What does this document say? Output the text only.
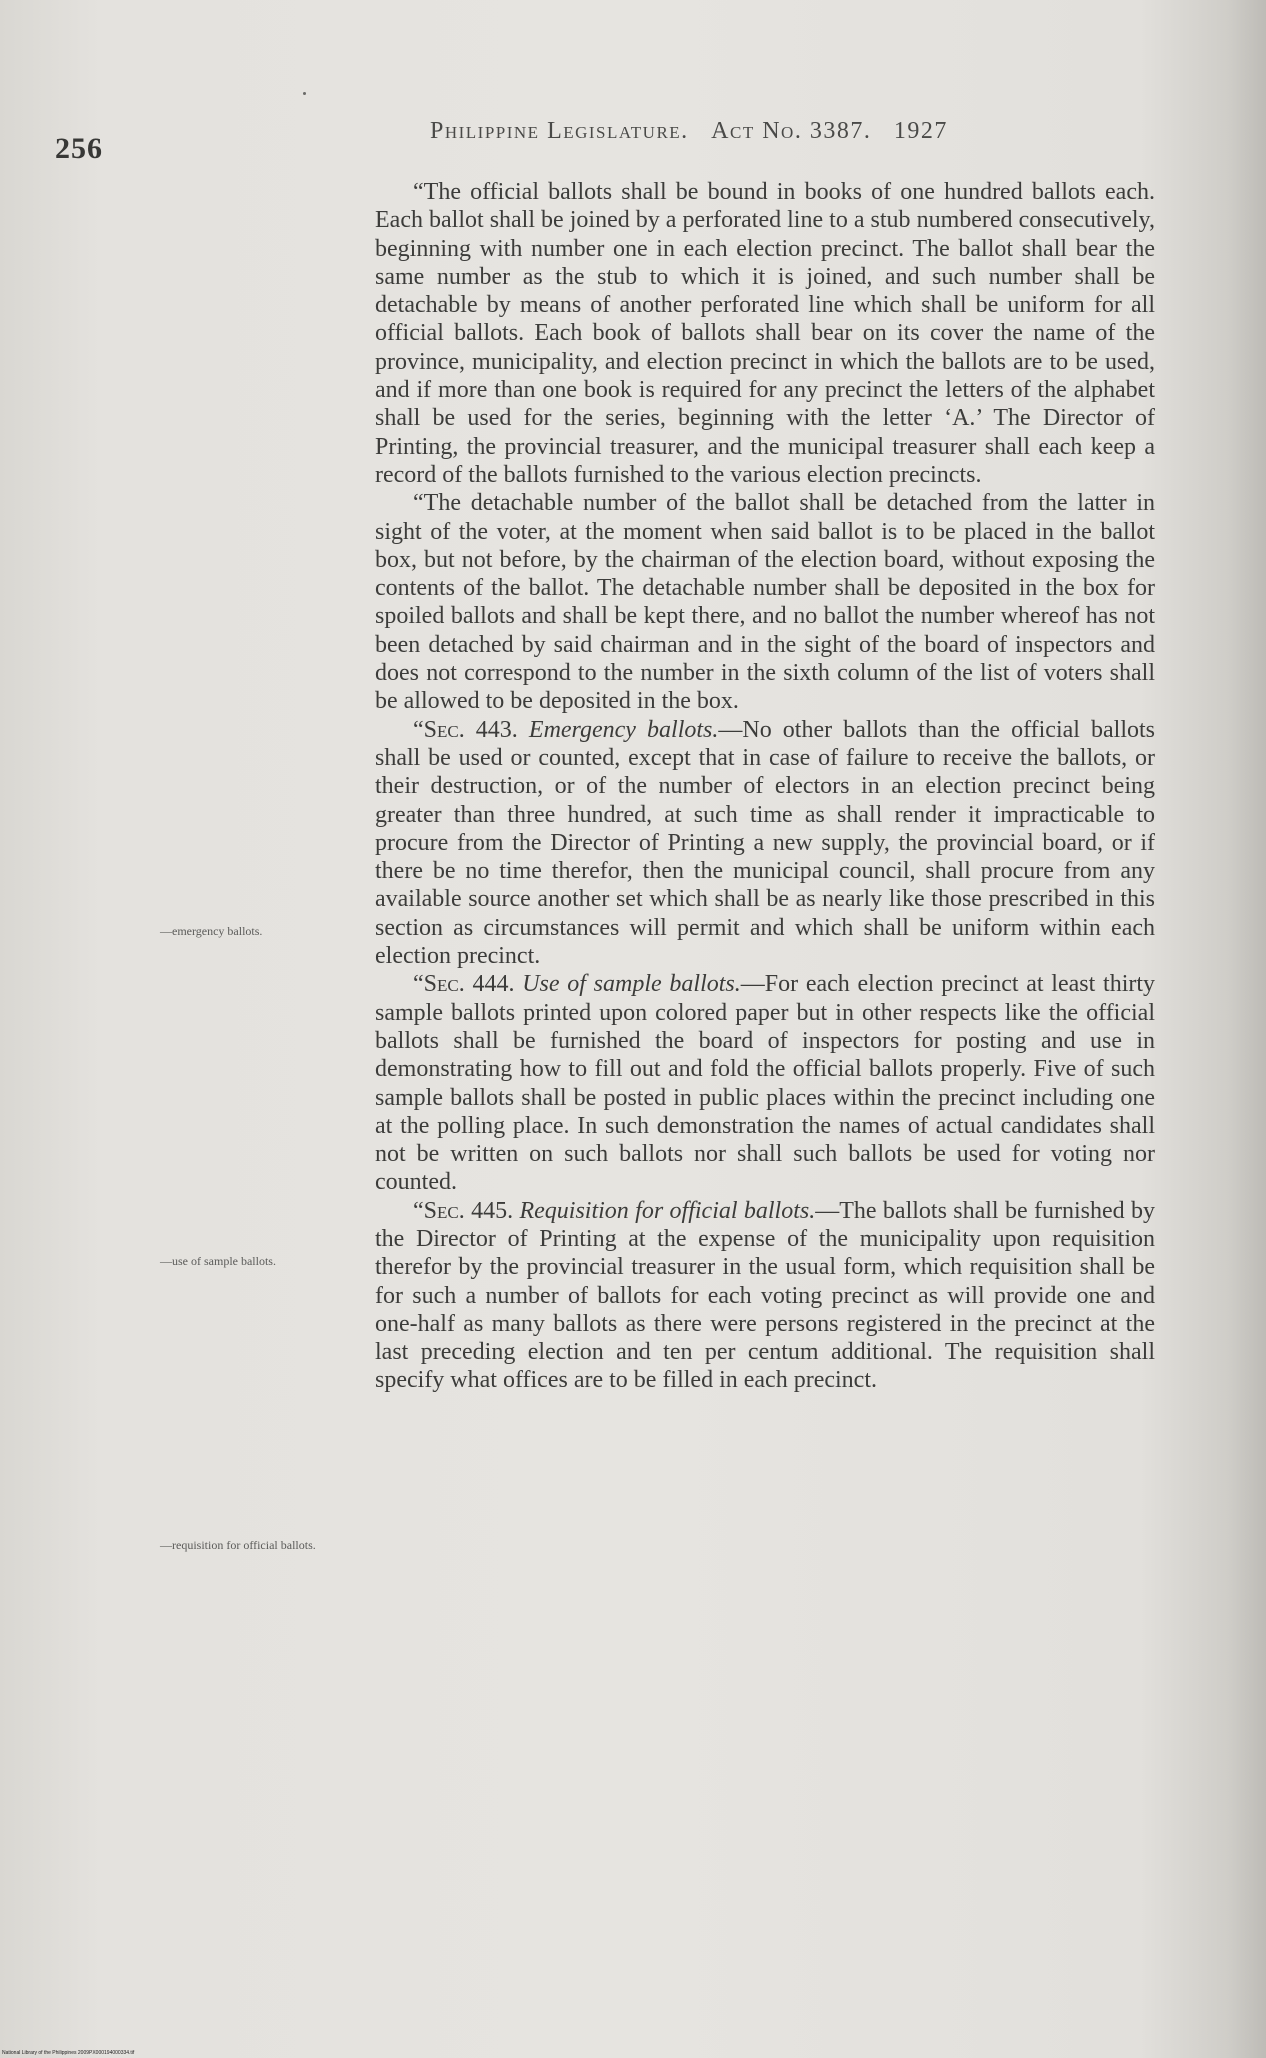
256
Philippine Legislature. Act No. 3387. 1927

“The official ballots shall be bound in books of one hundred ballots each. Each ballot shall be joined by a perforated line to a stub numbered consecutively, beginning with number one in each election precinct. The ballot shall bear the same number as the stub to which it is joined, and such number shall be detachable by means of another perforated line which shall be uniform for all official ballots. Each book of ballots shall bear on its cover the name of the province, municipality, and election precinct in which the ballots are to be used, and if more than one book is required for any precinct the letters of the alphabet shall be used for the series, beginning with the letter ‘A.’ The Director of Printing, the provincial treasurer, and the municipal treasurer shall each keep a record of the ballots furnished to the various election precincts.

“The detachable number of the ballot shall be detached from the latter in sight of the voter, at the moment when said ballot is to be placed in the ballot box, but not before, by the chairman of the election board, without exposing the contents of the ballot. The detachable number shall be deposited in the box for spoiled ballots and shall be kept there, and no ballot the number whereof has not been detached by said chairman and in the sight of the board of inspectors and does not correspond to the number in the sixth column of the list of voters shall be allowed to be deposited in the box.

“Sec. 443. Emergency ballots.—No other ballots than the official ballots shall be used or counted, except that in case of failure to receive the ballots, or their destruction, or of the number of electors in an election precinct being greater than three hundred, at such time as shall render it impracticable to procure from the Director of Printing a new supply, the provincial board, or if there be no time therefor, then the municipal council, shall procure from any available source another set which shall be as nearly like those prescribed in this section as circumstances will permit and which shall be uniform within each election precinct.

“Sec. 444. Use of sample ballots.—For each election precinct at least thirty sample ballots printed upon colored paper but in other respects like the official ballots shall be furnished the board of inspectors for posting and use in demonstrating how to fill out and fold the official ballots properly. Five of such sample ballots shall be posted in public places within the precinct including one at the polling place. In such demonstration the names of actual candidates shall not be written on such ballots nor shall such ballots be used for voting nor counted.

“Sec. 445. Requisition for official ballots.—The ballots shall be furnished by the Director of Printing at the expense of the municipality upon requisition therefor by the provincial treasurer in the usual form, which requisition shall be for such a number of ballots for each voting precinct as will provide one and one-half as many ballots as there were persons registered in the precinct at the last preceding election and ten per centum additional. The requisition shall specify what offices are to be filled in each precinct.

—emergency ballots.
—use of sample ballots.
—requisition for official ballots.
National Library of the Philippines 2009PX000194000334.tif
